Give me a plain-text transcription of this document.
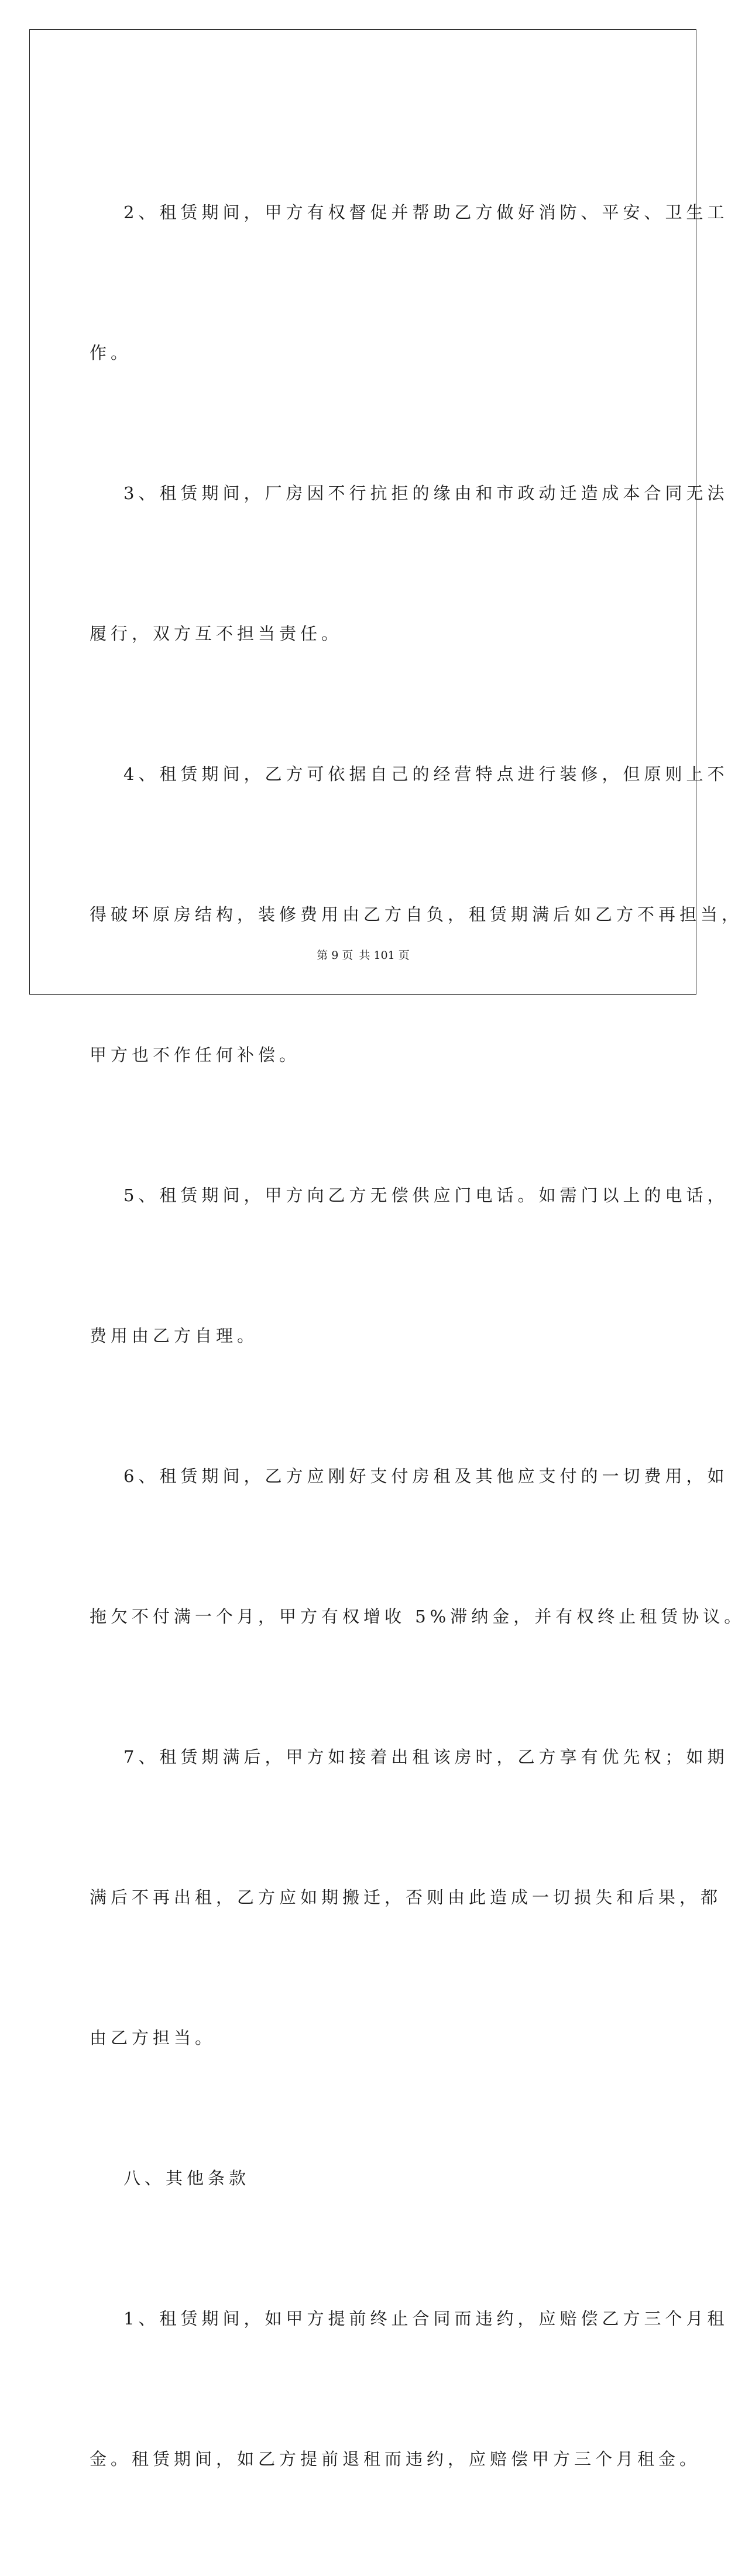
2、租赁期间，甲方有权督促并帮助乙方做好消防、平安、卫生工

作。

3、租赁期间，厂房因不行抗拒的缘由和市政动迁造成本合同无法

履行，双方互不担当责任。

4、租赁期间，乙方可依据自己的经营特点进行装修，但原则上不

得破坏原房结构，装修费用由乙方自负，租赁期满后如乙方不再担当，

甲方也不作任何补偿。

5、租赁期间，甲方向乙方无偿供应门电话。如需门以上的电话，

费用由乙方自理。

6、租赁期间，乙方应刚好支付房租及其他应支付的一切费用，如

拖欠不付满一个月，甲方有权增收 5%滞纳金，并有权终止租赁协议。

7、租赁期满后，甲方如接着出租该房时，乙方享有优先权；如期

满后不再出租，乙方应如期搬迁，否则由此造成一切损失和后果，都

由乙方担当。

八、其他条款

1、租赁期间，如甲方提前终止合同而违约，应赔偿乙方三个月租

金。租赁期间，如乙方提前退租而违约，应赔偿甲方三个月租金。

第 9 页 共 101 页
